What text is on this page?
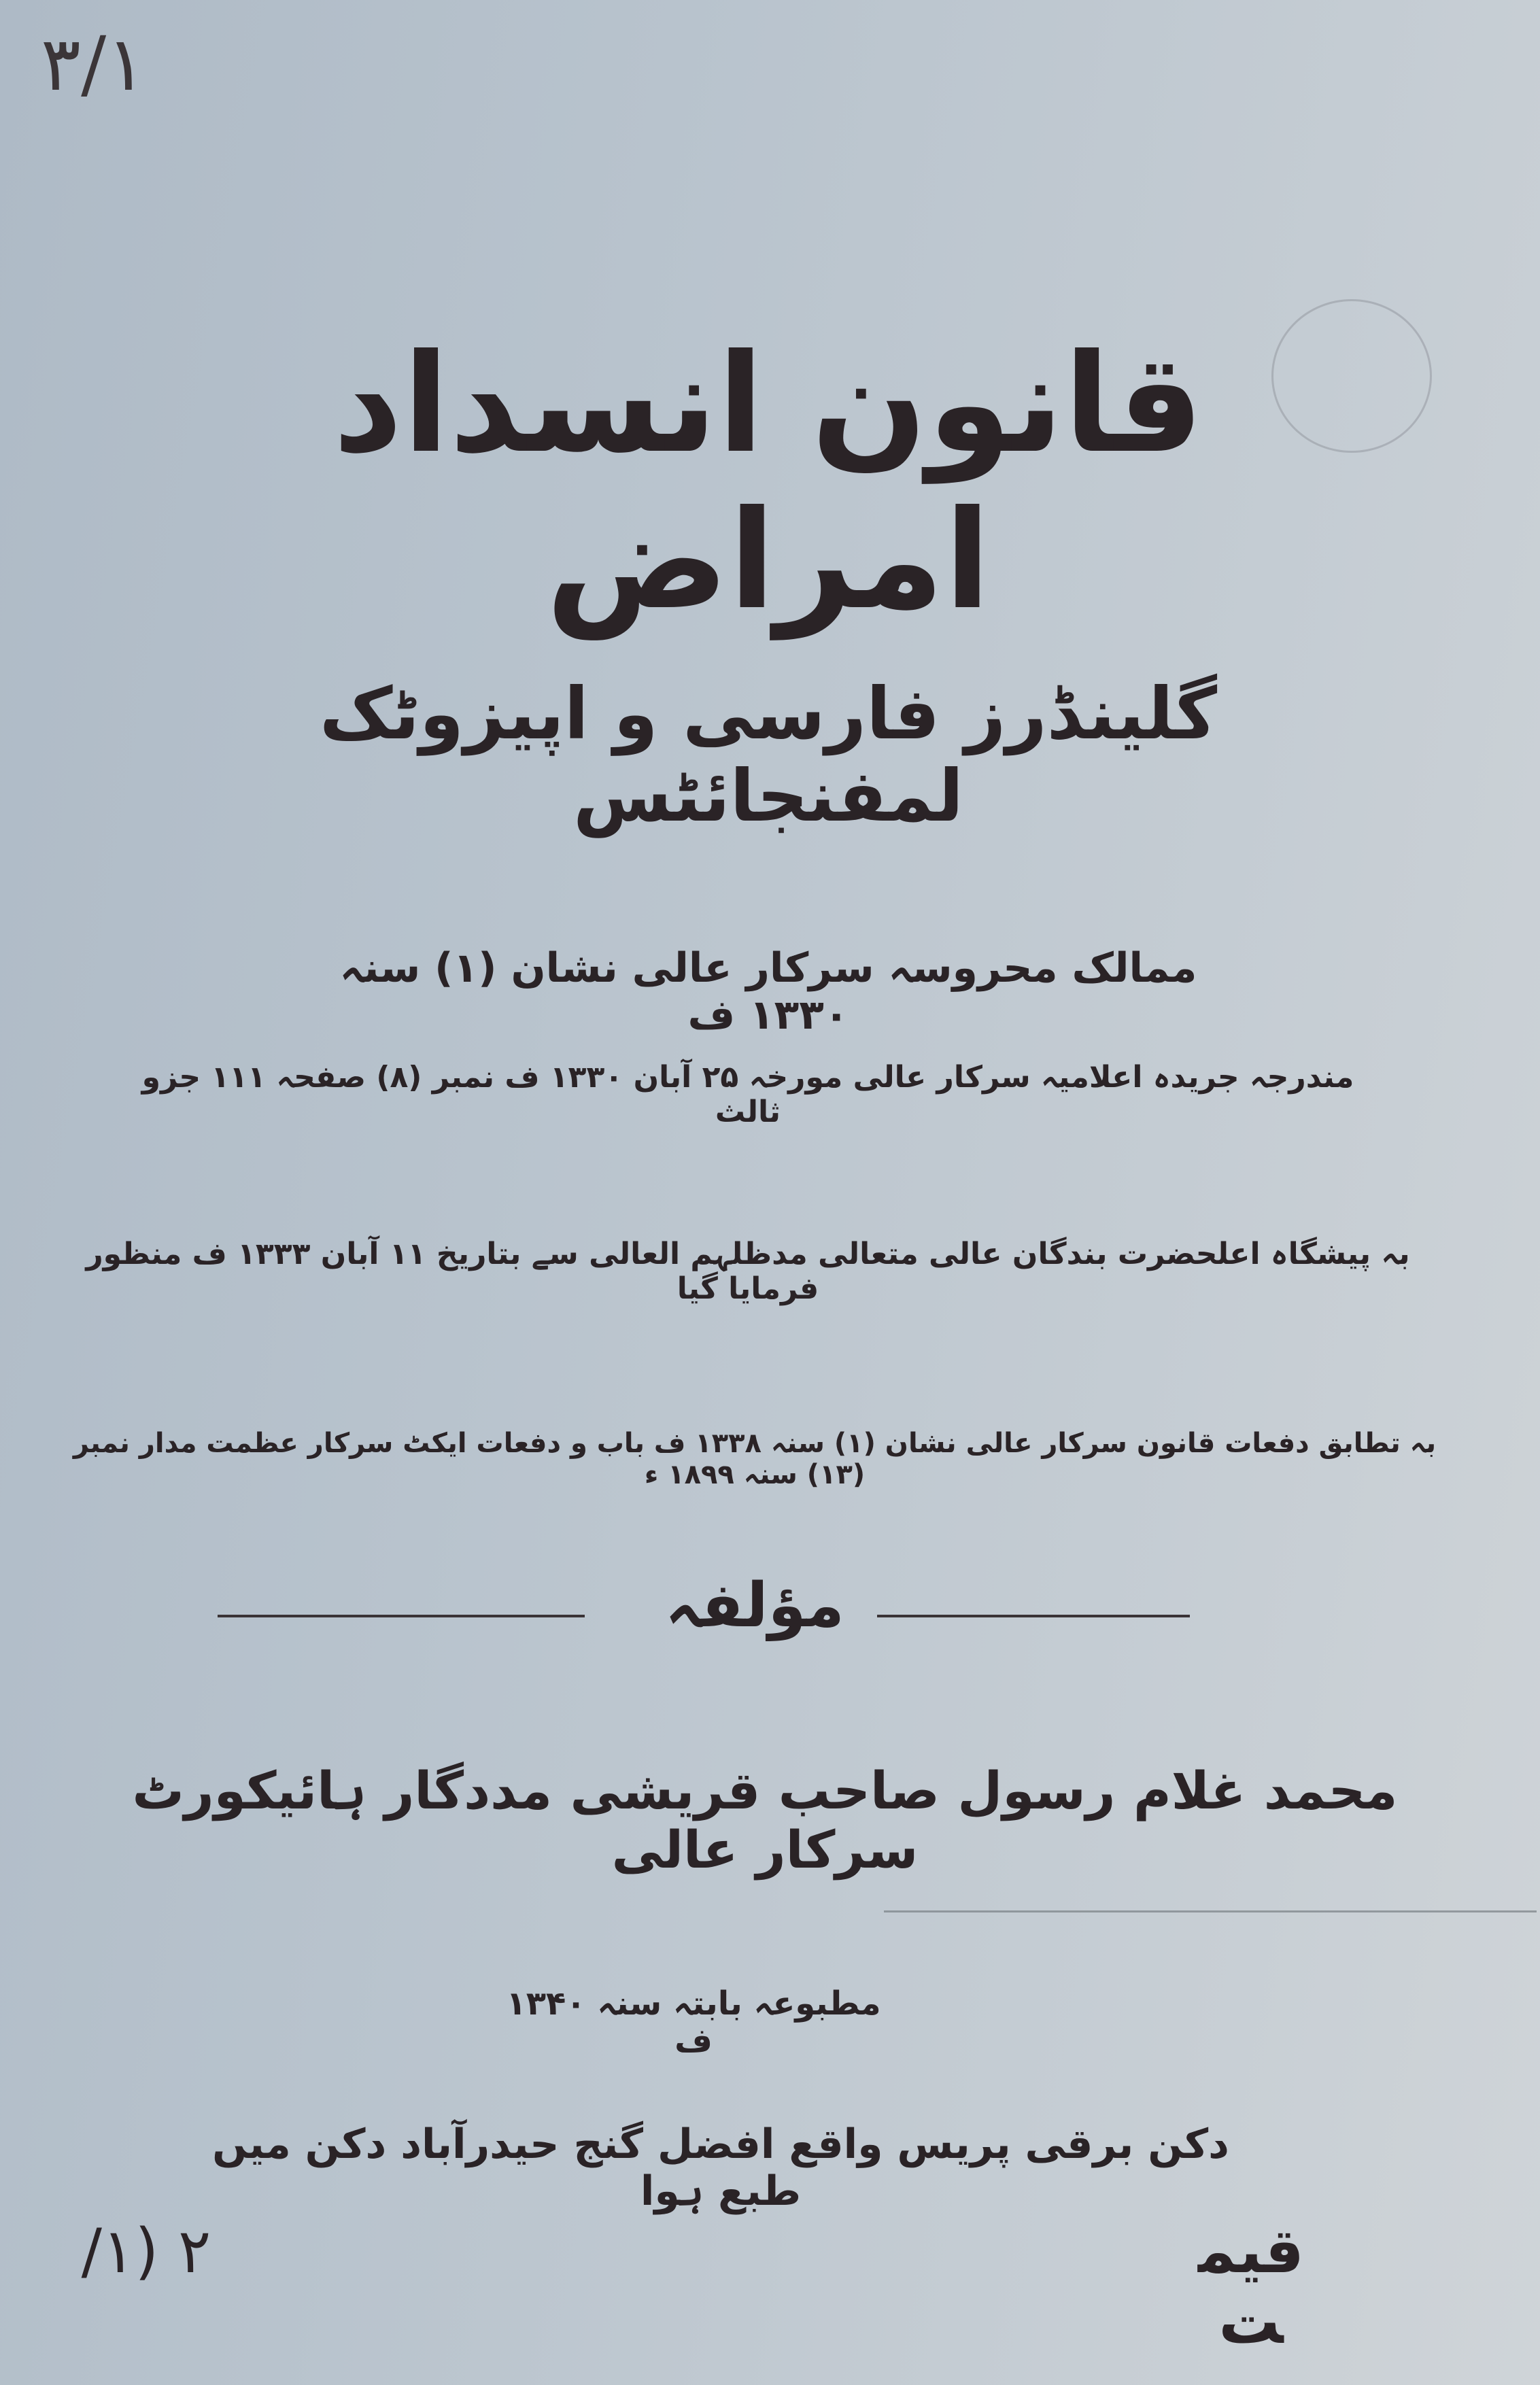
۳/۱
قانون انسداد امراض
گلینڈرز فارسی و اپیزوٹک لمفنجائٹس
ممالک محروسہ سرکار عالی نشان (۱) سنہ ۱۳۳۰ ف
مندرجہ جریدہ اعلامیہ سرکار عالی مورخہ ۲۵ آبان ۱۳۳۰ ف نمبر (۸) صفحہ ۱۱۱ جزو ثالث
بہ پیشگاہ اعلحضرت بندگان عالی متعالی مدظلہم العالی سے بتاریخ ۱۱ آبان ۱۳۳۳ ف منظور فرمایا گیا
بہ تطابق دفعات قانون سرکار عالی نشان (۱) سنہ ۱۳۳۸ ف باب و دفعات ایکٹ سرکار عظمت مدار نمبر (۱۳) سنہ ۱۸۹۹ ء
مؤلفہ
محمد غلام رسول صاحب قریشی مددگار ہائیکورٹ سرکار عالی
مطبوعہ بابتہ سنہ ۱۳۴۰ ف
دکن برقی پریس واقع افضل گنج حیدرآباد دکن میں طبع ہوا
قیمت
۲ (۱/
